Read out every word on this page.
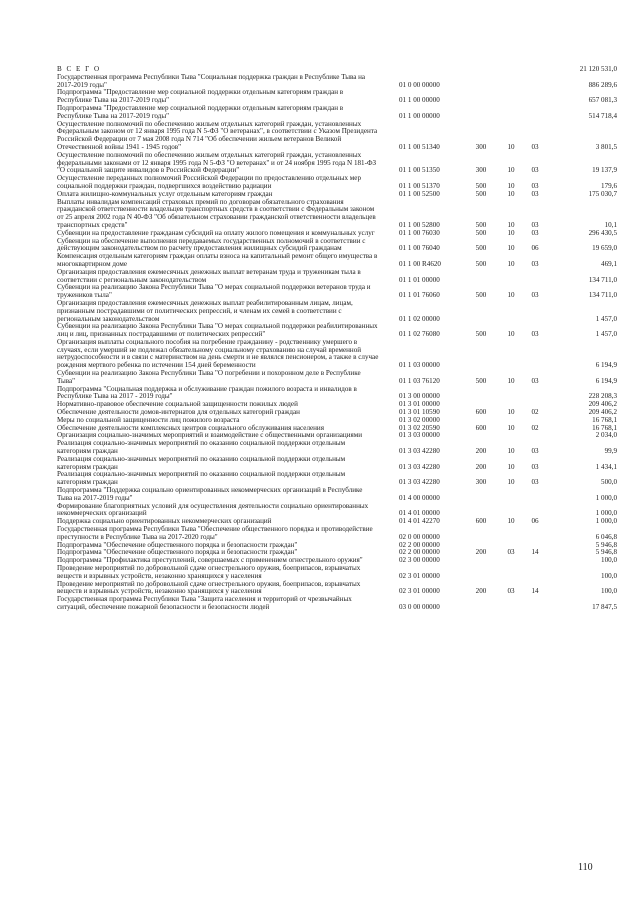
В С Е Г О	21 120 531,0
Государственная программа Республики Тыва "Социальная поддержка граждан в Республике Тыва на 2017-2019 годы"	01 0 00 00000	886 289,6
Подпрограмма "Предоставление мер социальной поддержки отдельным категориям граждан в Республике Тыва на 2017-2019 годы"	01 1 00 00000	657 081,3
Подпрограмма "Предоставление мер социальной поддержки отдельным категориям граждан в Республике Тыва на 2017-2019 годы"	01 1 00 00000	514 718,4
Осуществление полномочий по обеспечению жильем отдельных категорий граждан, установленных Федеральным законом от 12 января 1995 года N 5-ФЗ "О ветеранах", в соответствии с Указом Президента Российской Федерации от 7 мая 2008 года N 714 "Об обеспечении жильем ветеранов Великой Отечественной войны 1941 - 1945 годов"	01 1 00 51340	300	10	03	3 801,5
Осуществление полномочий по обеспечению жильем отдельных категорий граждан, установленных федеральными законами от 12 января 1995 года N 5-ФЗ "О ветеранах" и от 24 ноября 1995 года N 181-ФЗ "О социальной защите инвалидов в Российской Федерации"	01 1 00 51350	300	10	03	19 137,9
Осуществление переданных полномочий Российской Федерации по предоставлению отдельных мер социальной поддержки граждан, подвергшихся воздействию радиации	01 1 00 51370	500	10	03	179,6
Оплата жилищно-коммунальных услуг отдельным категориям граждан	01 1 00 52500	500	10	03	175 030,7
Выплаты инвалидам компенсаций страховых премий по договорам обязательного страхования гражданской ответственности владельцев транспортных средств в соответствии с Федеральным законом от 25 апреля 2002 года N 40-ФЗ "Об обязательном страховании гражданской ответственности владельцев транспортных средств"	01 1 00 52800	500	10	03	10,1
Субвенции на предоставление гражданам субсидий на оплату жилого помещения и коммунальных услуг	01 1 00 76030	500	10	03	296 430,5
Субвенции на обеспечение выполнения передаваемых государственных полномочий в соответствии с действующим законодательством по расчету предоставления жилищных субсидий гражданам	01 1 00 76040	500	10	06	19 659,0
Компенсация отдельным категориям граждан оплаты взноса на капитальный ремонт общего имущества в многоквартирном доме	01 1 00 R4620	500	10	03	469,1
Организация предоставления ежемесячных денежных выплат ветеранам труда и труженикам тыла в соответствии с региональным законодательством	01 1 01 00000	134 711,0
Субвенции на реализацию Закона Республики Тыва "О мерах социальной поддержки ветеранов труда и тружеников тыла"	01 1 01 76060	500	10	03	134 711,0
Организация предоставления ежемесячных денежных выплат реабилитированным лицам, лицам, признанным пострадавшими от политических репрессий, и членам их семей в соответствии с региональным законодательством	01 1 02 00000	1 457,0
Субвенции на реализацию Закона Республики Тыва "О мерах социальной поддержки реабилитированных лиц и лиц, признанных пострадавшими от политических репрессий"	01 1 02 76080	500	10	03	1 457,0
Организация выплаты социального пособия на погребение гражданину - родственнику умершего в случаях, если умерший не подлежал обязательному социальному страхованию на случай временной нетрудоспособности и в связи с материнством на день смерти и не являлся пенсионером, а также в случае рождения мертвого ребенка по истечении 154 дней беременности	01 1 03 00000	6 194,9
Субвенции на реализацию Закона Республики Тыва "О погребении и похоронном деле в Республике Тыва"	01 1 03 76120	500	10	03	6 194,9
Подпрограмма "Социальная поддержка и обслуживание граждан пожилого возраста и инвалидов в Республике Тыва на 2017 - 2019 годы"	01 3 00 00000	228 208,3
Нормативно-правовое обеспечение социальной защищенности пожилых людей	01 3 01 00000	209 406,2
Обеспечение деятельности домов-интернатов для отдельных категорий граждан	01 3 01 10590	600	10	02	209 406,2
Меры по социальной защищенности лиц пожилого возраста	01 3 02 00000	16 768,1
Обеспечение деятельности комплексных центров социального обслуживания населения	01 3 02 20590	600	10	02	16 768,1
Организация социально-значимых мероприятий и взаимодействие с общественными организациями	01 3 03 00000	2 034,0
Реализация социально-значимых мероприятий по оказанию социальной поддержки отдельным категориям граждан	01 3 03 42280	200	10	03	99,9
Реализация социально-значимых мероприятий по оказанию социальной поддержки отдельным категориям граждан	01 3 03 42280	200	10	03	1 434,1
Реализация социально-значимых мероприятий по оказанию социальной поддержки отдельным категориям граждан	01 3 03 42280	300	10	03	500,0
Подпрограмма "Поддержка социально ориентированных некоммерческих организаций в Республике Тыва на 2017-2019 годы"	01 4 00 00000	1 000,0
Формирование благоприятных условий для осуществления деятельности социально ориентированных некоммерческих организаций	01 4 01 00000	1 000,0
Поддержка социально ориентированных некоммерческих организаций	01 4 01 42270	600	10	06	1 000,0
Государственная программа Республики Тыва "Обеспечение общественного порядка и противодействие преступности в Республике Тыва на 2017-2020 годы"	02 0 00 00000	6 046,8
Подпрограмма "Обеспечение общественного порядка и безопасности граждан"	02 2 00 00000	5 946,8
Подпрограмма "Обеспечение общественного порядка и безопасности граждан"	02 2 00 00000	200	03	14	5 946,8
Подпрограмма "Профилактика преступлений, совершаемых с применением огнестрельного оружия"	02 3 00 00000	100,0
Проведение мероприятий по добровольной сдаче огнестрельного оружия, боеприпасов, взрывчатых веществ и взрывных устройств, незаконно хранящихся у населения	02 3 01 00000	100,0
Проведение мероприятий по добровольной сдаче огнестрельного оружия, боеприпасов, взрывчатых веществ и взрывных устройств, незаконно хранящихся у населения	02 3 01 00000	200	03	14	100,0
Государственная программа Республики Тыва "Защита населения и территорий от чрезвычайных ситуаций, обеспечение пожарной безопасности и безопасности людей	03 0 00 00000	17 847,5
110
